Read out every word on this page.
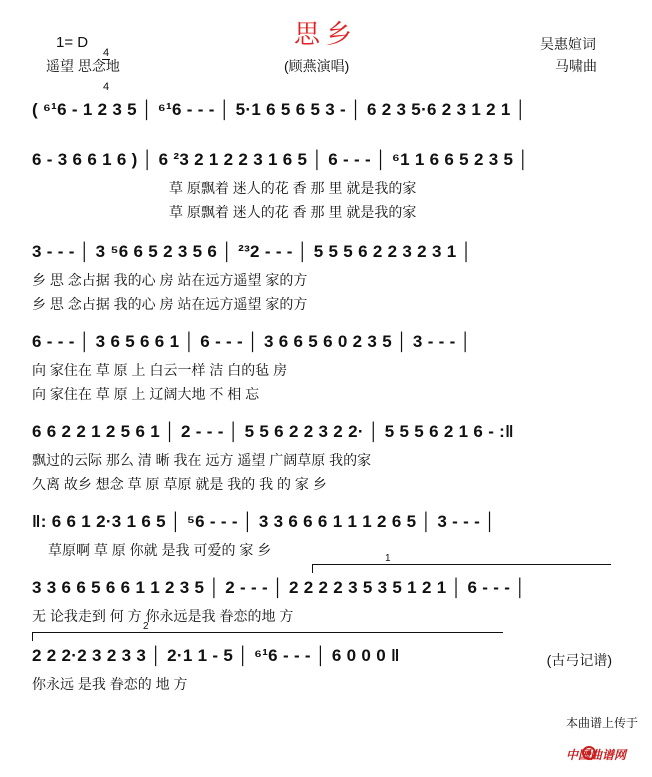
思乡
1= D

4

4

遥望 思念地	(顾燕演唱)
吴惠媗词
马啸曲
( ⁶¹6 - 1 2 3 5 │ ⁶¹6 - - - │ 5·1 6 5 6 5 3 - │ 6 2 3 5·6 2 3 1 2 1 │
6 - 3 6 6 1 6 ) │ 6 ²3 2 1 2 2 3 1 6 5 │ 6 - - - │ ⁶1 1 6 6 5 2 3 5 │
草 原飘着 迷人的花 香 那 里 就是我的家
草 原飘着 迷人的花 香 那 里 就是我的家
3 - - - │ 3 ⁵6 6 5 2 3 5 6 │ ²³2 - - - │ 5 5 5 6 2 2 3 2 3 1 │
乡 思 念占据 我的心 房 站在远方遥望 家的方
乡 思 念占据 我的心 房 站在远方遥望 家的方
6 - - - │ 3 6 5 6 6 1 │ 6 - - - │ 3 6 6 5 6 0 2 3 5 │ 3 - - - │
向 家住在 草 原 上 白云一样 洁 白的毡 房
向 家住在 草 原 上 辽阔大地 不 相 忘
6 6 2 2 1 2 5 6 1 │ 2 - - - │ 5 5 6 2 2 3 2 2· │ 5 5 5 6 2 1 6 - :‖
飘过的云际 那么 清 晰 我在 远方 遥望 广阔草原 我的家
久离 故乡 想念 草 原 草原 就是 我的 我 的 家 乡
‖: 6 6 1 2·3 1 6 5 │ ⁵6 - - - │ 3 3 6 6 6 1 1 1 2 6 5 │ 3 - - - │
草原啊 草 原 你就 是我 可爱的 家 乡
1
3 3 6 6 5 6 6 1 1 2 3 5 │ 2 - - - │ 2 2 2 2 3 5 3 5 1 2 1 │ 6 - - - │
无 论我走到 何 方 你永远是我 眷恋的地 方
2
2 2 2·2 3 2 3 3 │ 2·1 1 - 5 │ ⁶¹6 - - - │ 6 0 0 0 ‖
你永远 是我 眷恋的 地 方
(古弓记谱)

本曲谱上传于

中国曲谱网
